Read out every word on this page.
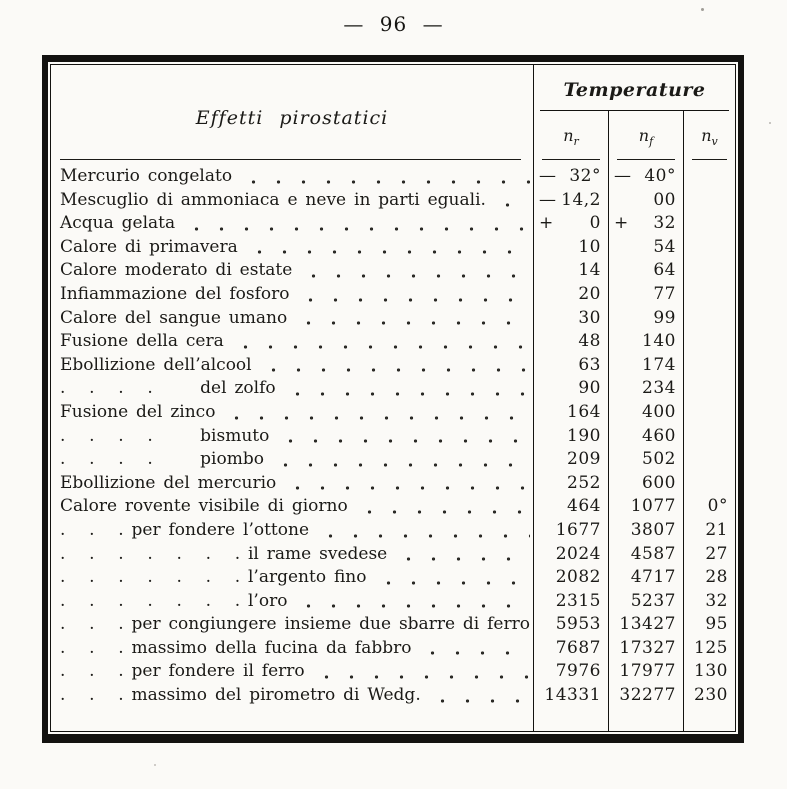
— 96 —
Effetti pirostatici
Temperature
$n_r$	$n_f$	$n_v$
Mercurio congelato	— 32° — 40°
Mescuglio di ammoniaca e neve in parti eguali.	— 14,2	00
Acqua gelata	+ 0 + 32
Calore di primavera	10	54
Calore moderato di estate	14	64
Infiammazione del fosforo	20	77
Calore del sangue umano	30	99
Fusione della cera	48 140
Ebollizione dell’alcool	63 174
.   .   .   .      del zolfo	90 234
Fusione del zinco	164 400
.   .   .   .      bismuto	190 460
.   .   .   .      piombo	209 502
Ebollizione del mercurio	252 600
Calore rovente visibile di giorno	464 1077 0°
.   .   . per fondere l’ottone	1677 3807 21
.   .   .   .   .   .   . il rame svedese	2024 4587 27
.   .   .   .   .   .   . l’argento fino	2082 4717 28
.   .   .   .   .   .   . l’oro	2315 5237 32
.   .   . per congiungere insieme due sbarre di ferro 5953 13427 95
.   .   . massimo della fucina da fabbro	7687 17327 125
.   .   . per fondere il ferro	7976 17977 130
.   .   . massimo del pirometro di Wedg.	14331 32277 230
